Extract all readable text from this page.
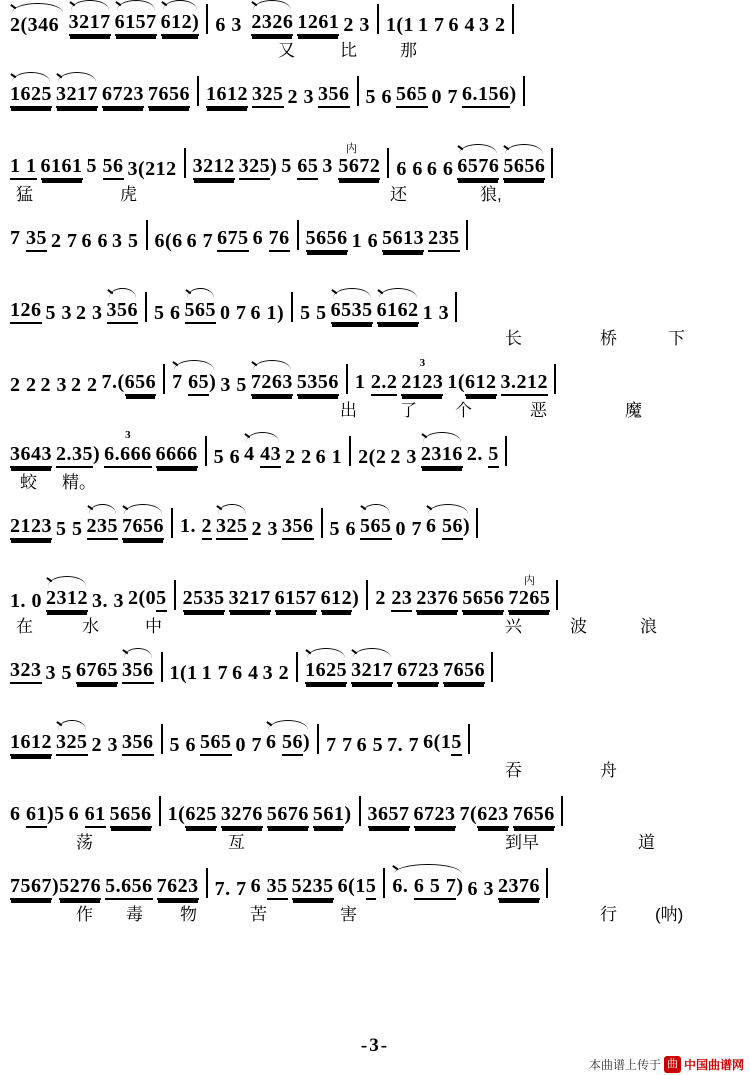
2(346 3217 6157 612) 6 3 2326 1261 2 3 1(1 1 7 6 4 3 2
又	比	那
1625 3217 6723 7656 1612 325 2 3 356 5 6 565 0 7 6.156)
1 1 6161 5 56 3(212 3212 325) 5 65 3 5672
内
6 6 6 6 6576 5656
猛	虎	还	狼,
7 35 2 7 6 6 3 5 6(6 6 7 675 6 76 5656 1 6 5613 235
126 5 3 2 3 356 5 6 565 0 7 6 1) 5 5 6535 6162 1 3
长	桥	下
2 2 2 3 2 2 7.(656 7 65) 3 5 7263 5356 1 2.2 2123
3
1(612 3.212
出	了 个	恶	魔
3643 2.35) 6.666
3
6666 5 6 4 43 2 2 6 1 2(2 2 3 2316 2. 5
蛟 精。
2123 5 5 235 7656 1. 2 325 2 3 356 5 6 565 0 7 6 56)
1. 0 2312 3. 3 2(05 2535 3217 6157 612) 2 23 2376 5656 7265
内
在	水	中	兴	波	浪
323 3 5 6765 356 1(1 1 7 6 4 3 2 1625 3217 6723 7656
1612 325 2 3 356 5 6 565 0 7 6 56) 7 7 6 5 7. 7 6(15
吞	舟
6 61)5 6 61 5656 1(625 3276 5676 561) 3657 6723 7(623 7656
荡	亙	到早	道
7567)5276 5.656 7623 7. 7 6 35 5235 6(15 6. 6 5 7) 6 3 2376
作 毒 物	苦	害	行 (呐)
-3-
本曲谱上传于 曲 中国曲谱网
